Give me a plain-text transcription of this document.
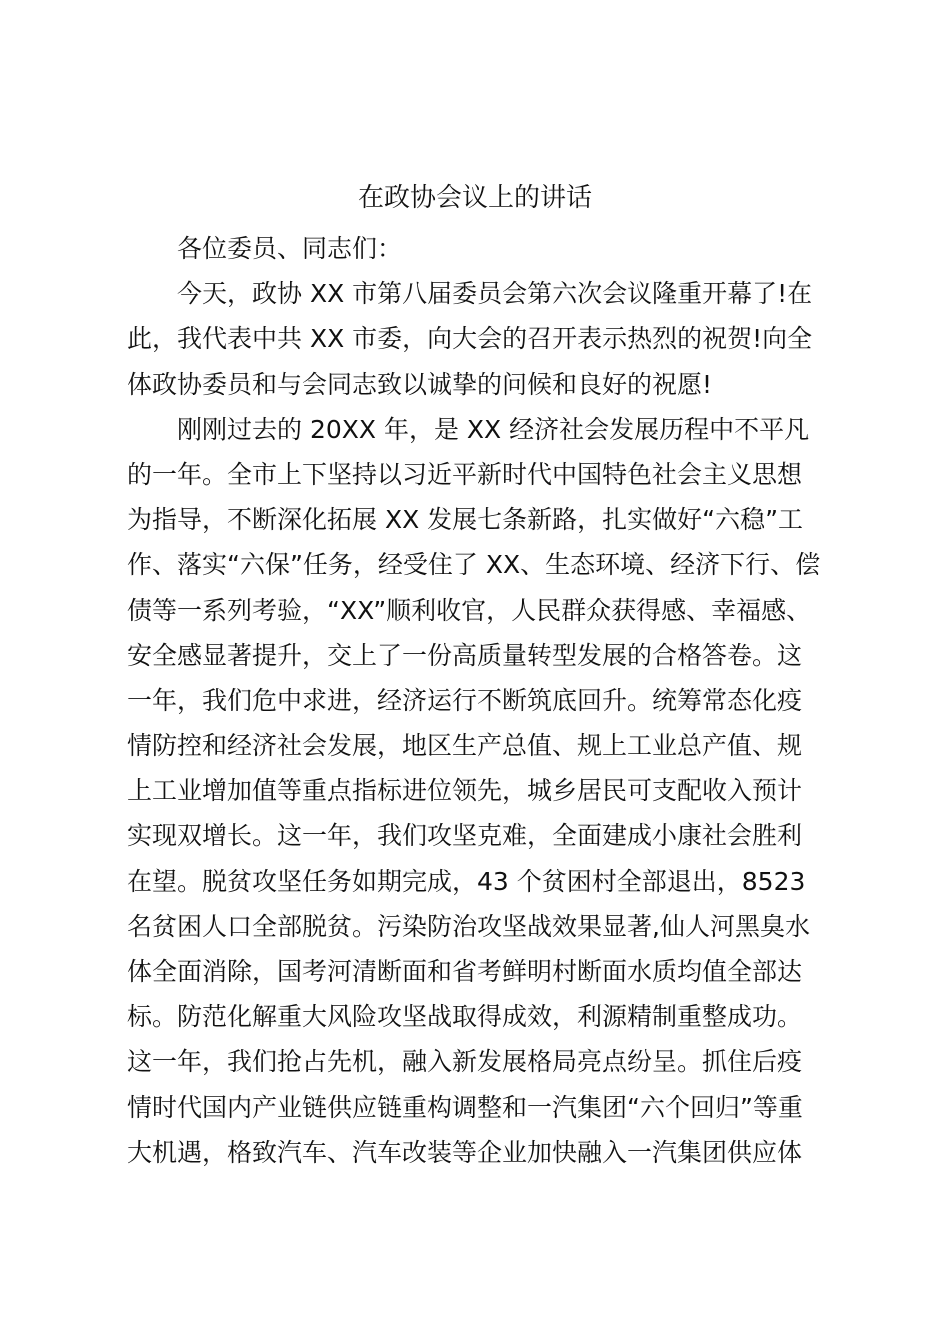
在政协会议上的讲话
各位委员、同志们：
今天，政协 XX 市第八届委员会第六次会议隆重开幕了!在
此，我代表中共 XX 市委，向大会的召开表示热烈的祝贺!向全
体政协委员和与会同志致以诚挚的问候和良好的祝愿!
刚刚过去的 20XX 年，是 XX 经济社会发展历程中不平凡
的一年。全市上下坚持以习近平新时代中国特色社会主义思想
为指导，不断深化拓展 XX 发展七条新路，扎实做好“六稳”工
作、落实“六保”任务，经受住了 XX、生态环境、经济下行、偿
债等一系列考验，“XX”顺利收官，人民群众获得感、幸福感、
安全感显著提升，交上了一份高质量转型发展的合格答卷。这
一年，我们危中求进，经济运行不断筑底回升。统筹常态化疫
情防控和经济社会发展，地区生产总值、规上工业总产值、规
上工业增加值等重点指标进位领先，城乡居民可支配收入预计
实现双增长。这一年，我们攻坚克难，全面建成小康社会胜利
在望。脱贫攻坚任务如期完成，43 个贫困村全部退出，8523
名贫困人口全部脱贫。污染防治攻坚战效果显著,仙人河黑臭水
体全面消除，国考河清断面和省考鲜明村断面水质均值全部达
标。防范化解重大风险攻坚战取得成效，利源精制重整成功。
这一年，我们抢占先机，融入新发展格局亮点纷呈。抓住后疫
情时代国内产业链供应链重构调整和一汽集团“六个回归”等重
大机遇，格致汽车、汽车改装等企业加快融入一汽集团供应体
